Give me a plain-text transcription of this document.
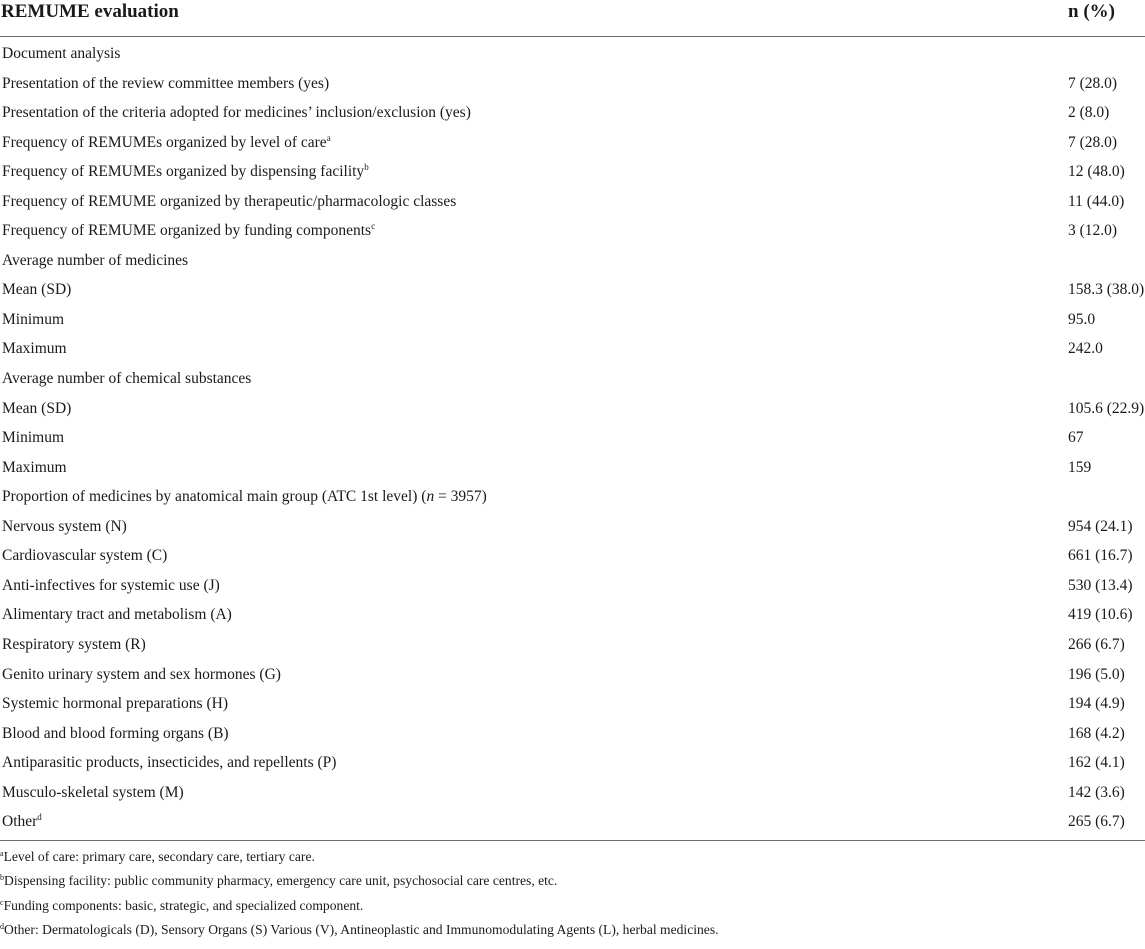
REMUME evaluation	n (%)
Document analysis
Presentation of the review committee members (yes)	7 (28.0)
Presentation of the criteria adopted for medicines’ inclusion/exclusion (yes)	2 (8.0)
Frequency of REMUMEs organized by level of care$^a$	7 (28.0)
Frequency of REMUMEs organized by dispensing facility$^b$	12 (48.0)
Frequency of REMUME organized by therapeutic/pharmacologic classes	11 (44.0)
Frequency of REMUME organized by funding components$^c$	3 (12.0)
Average number of medicines
Mean (SD)	158.3 (38.0)
Minimum	95.0
Maximum	242.0
Average number of chemical substances
Mean (SD)	105.6 (22.9)
Minimum	67
Maximum	159
Proportion of medicines by anatomical main group (ATC 1st level) (n = 3957)
Nervous system (N)	954 (24.1)
Cardiovascular system (C)	661 (16.7)
Anti-infectives for systemic use (J)	530 (13.4)
Alimentary tract and metabolism (A)	419 (10.6)
Respiratory system (R)	266 (6.7)
Genito urinary system and sex hormones (G)	196 (5.0)
Systemic hormonal preparations (H)	194 (4.9)
Blood and blood forming organs (B)	168 (4.2)
Antiparasitic products, insecticides, and repellents (P)	162 (4.1)
Musculo-skeletal system (M)	142 (3.6)
Other$^d$	265 (6.7)
$^a$Level of care: primary care, secondary care, tertiary care.
$^b$Dispensing facility: public community pharmacy, emergency care unit, psychosocial care centres, etc.
$^c$Funding components: basic, strategic, and specialized component.
$^d$Other: Dermatologicals (D), Sensory Organs (S) Various (V), Antineoplastic and Immunomodulating Agents (L), herbal medicines.
